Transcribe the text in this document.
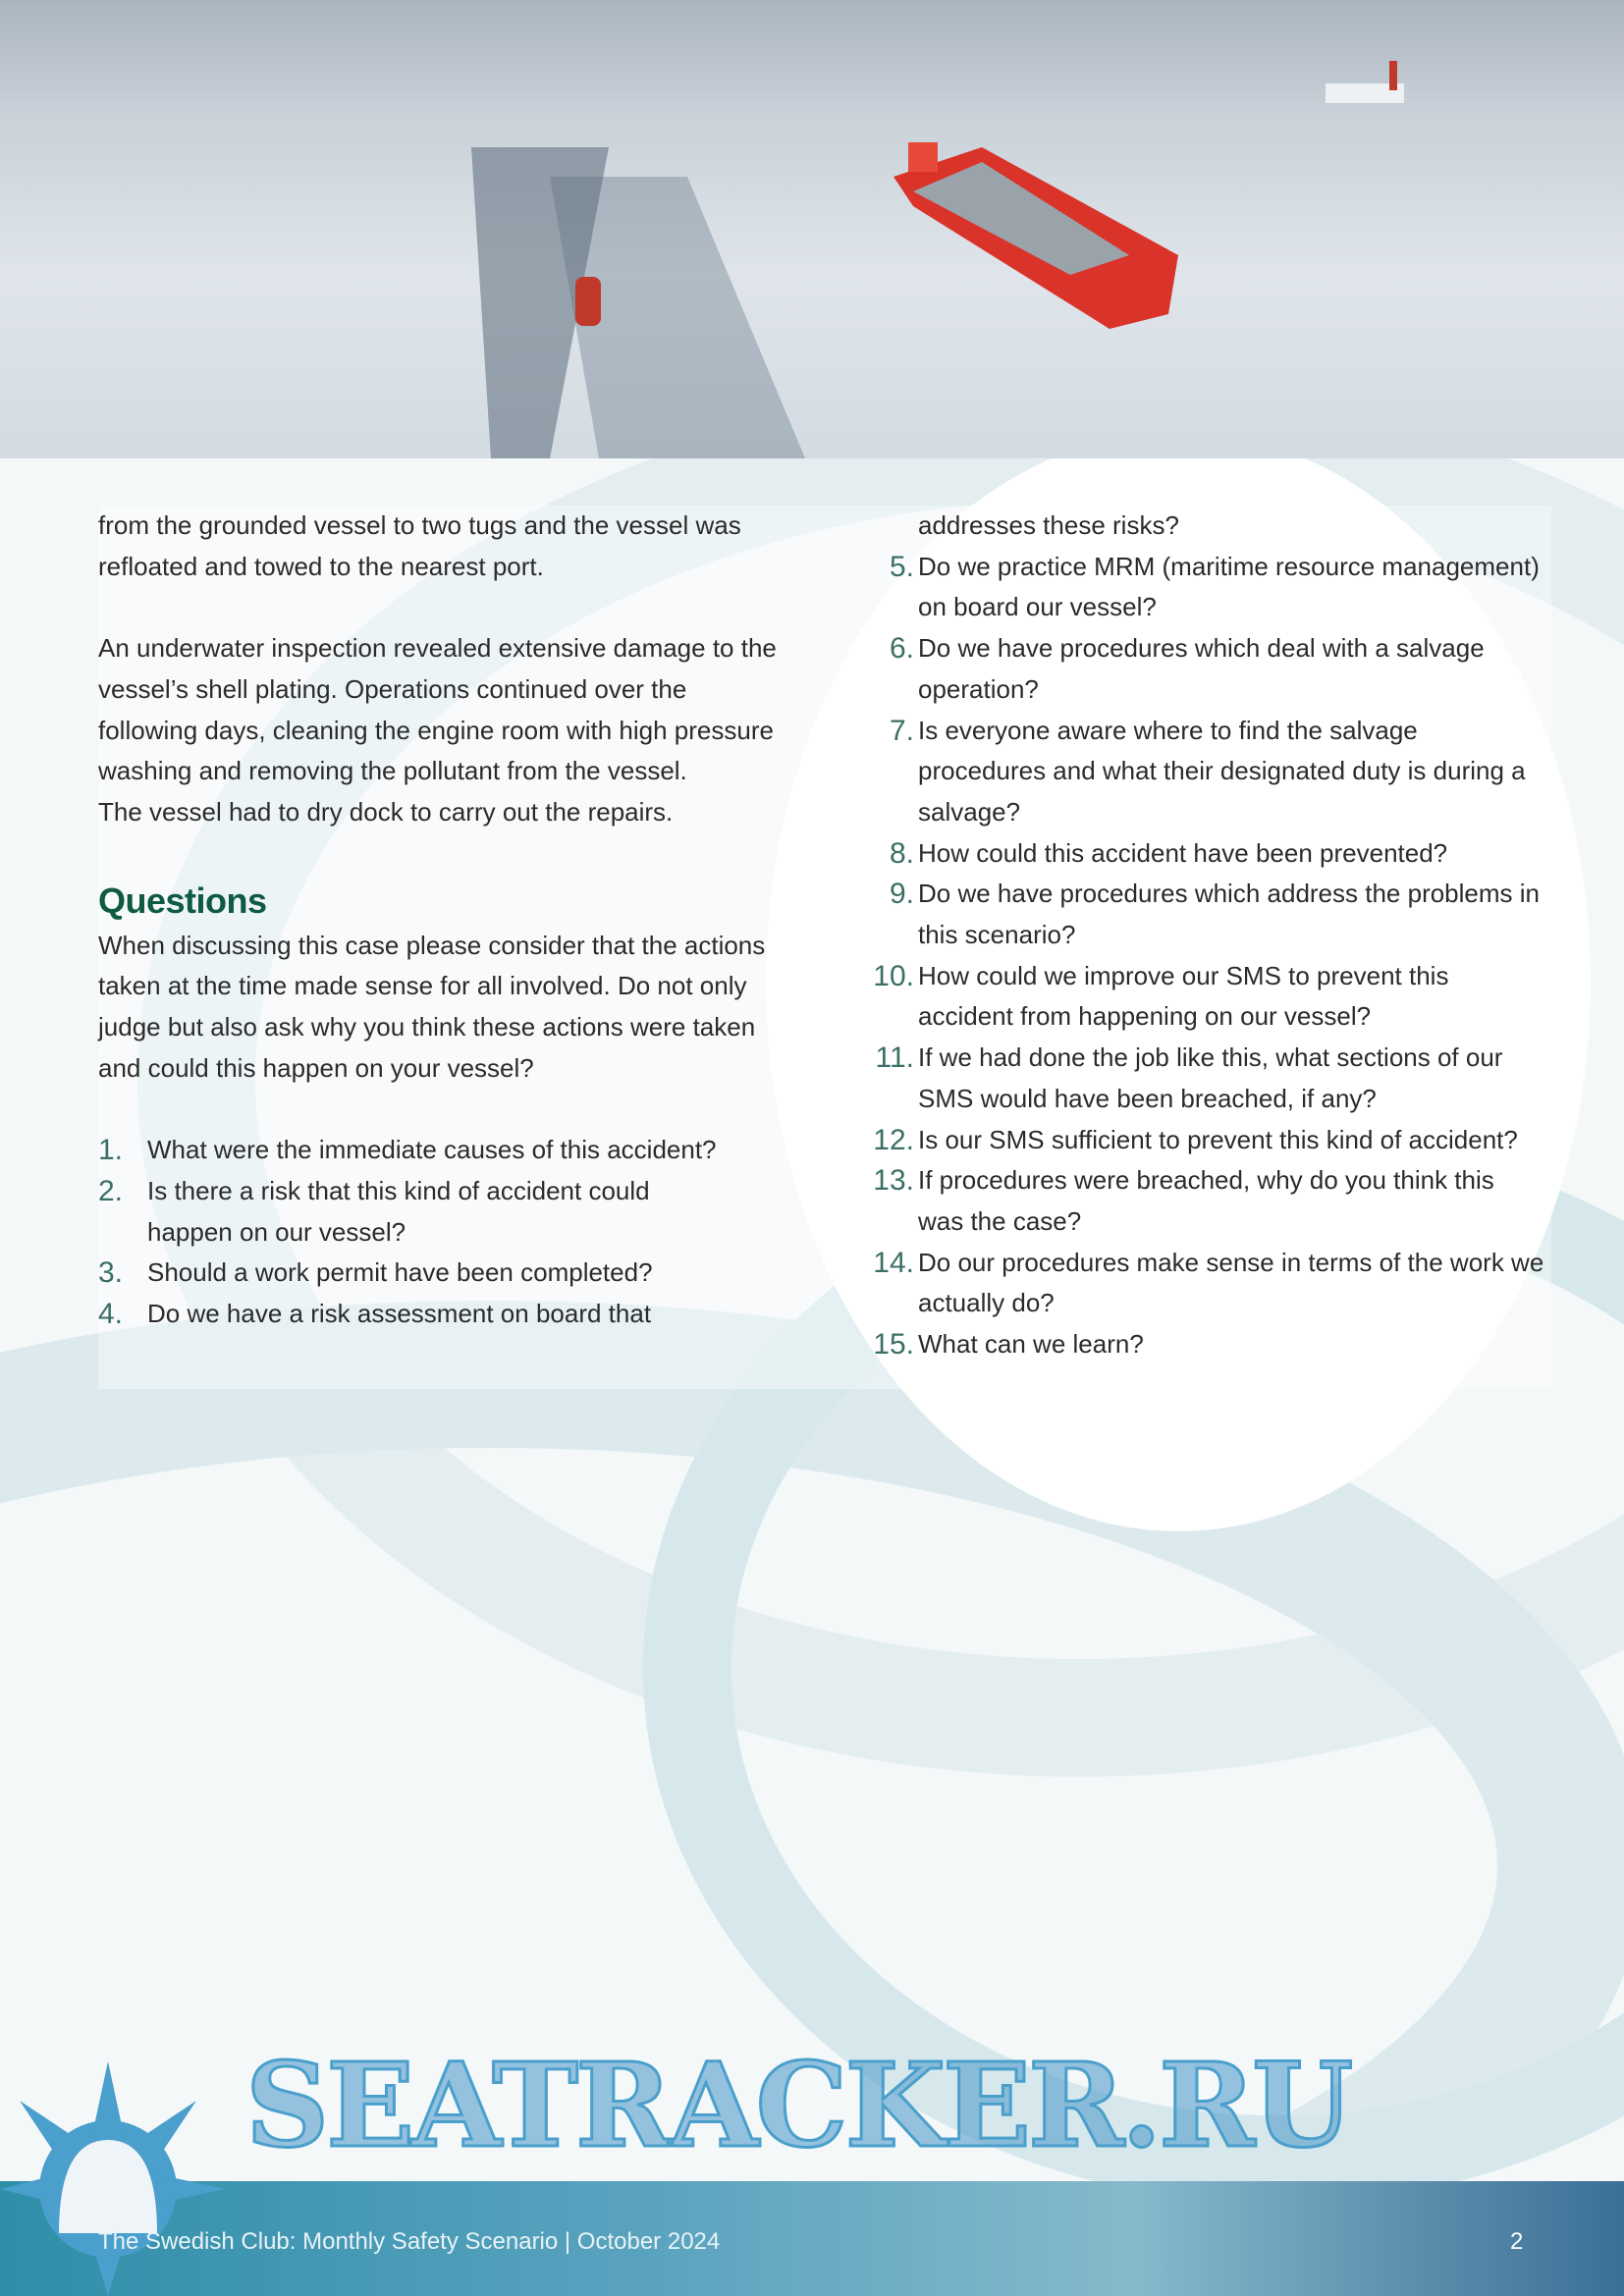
from the grounded vessel to two tugs and the vessel was refloated and towed to the nearest port.

An underwater inspection revealed extensive damage to the vessel’s shell plating. Operations continued over the following days, cleaning the engine room with high pressure washing and removing the pollutant from the vessel.

The vessel had to dry dock to carry out the repairs.

Questions

When discussing this case please consider that the actions taken at the time made sense for all involved. Do not only judge but also ask why you think these actions were taken and could this happen on your vessel?

1. What were the immediate causes of this accident?
2. Is there a risk that this kind of accident could happen on our vessel?
3. Should a work permit have been completed?
4. Do we have a risk assessment on board that
addresses these risks?
5. Do we practice MRM (maritime resource management) on board our vessel?
6. Do we have procedures which deal with a salvage operation?
7. Is everyone aware where to find the salvage procedures and what their designated duty is during a salvage?
8. How could this accident have been prevented?
9. Do we have procedures which address the problems in this scenario?
10. How could we improve our SMS to prevent this accident from happening on our vessel?
11. If we had done the job like this, what sections of our SMS would have been breached, if any?
12. Is our SMS sufficient to prevent this kind of accident?
13. If procedures were breached, why do you think this was the case?
14. Do our procedures make sense in terms of the work we actually do?
15. What can we learn?
SEATRACKER.RU
The Swedish Club: Monthly Safety Scenario | October 2024	2
